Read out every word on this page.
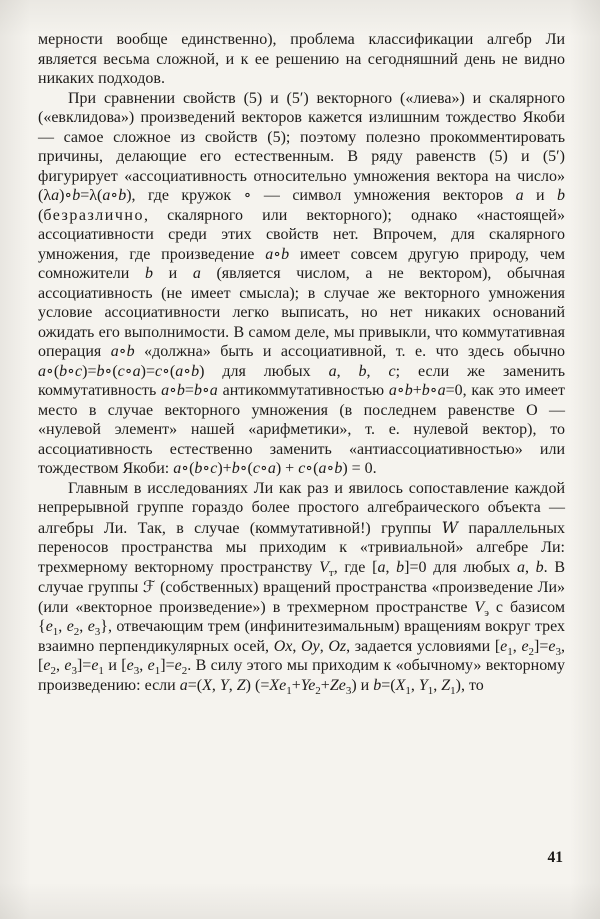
мерности вообще единственно), проблема классификации алгебр Ли является весьма сложной, и к ее решению на сегодняшний день не видно никаких подходов.

При сравнении свойств (5) и (5′) векторного («лиева») и скалярного («евклидова») произведений векторов кажется излишним тождество Якоби — самое сложное из свойств (5); поэтому полезно прокомментировать причины, делающие его естественным. В ряду равенств (5) и (5′) фигурирует «ассоциативность относительно умножения вектора на число» (λa)∘b=λ(a∘b), где кружок ∘ — символ умножения векторов a и b (безразлично, скалярного или векторного); однако «настоящей» ассоциативности среди этих свойств нет. Впрочем, для скалярного умножения, где произведение a∘b имеет совсем другую природу, чем сомножители b и a (является числом, а не вектором), обычная ассоциативность (не имеет смысла); в случае же векторного умножения условие ассоциативности легко выписать, но нет никаких оснований ожидать его выполнимости. В самом деле, мы привыкли, что коммутативная операция a∘b «должна» быть и ассоциативной, т. е. что здесь обычно a∘(b∘c)=b∘(c∘a)=c∘(a∘b) для любых a, b, c; если же заменить коммутативность a∘b=b∘a антикоммутативностью a∘b+b∘a=0, как это имеет место в случае векторного умножения (в последнем равенстве О — «нулевой элемент» нашей «арифметики», т. е. нулевой вектор), то ассоциативность естественно заменить «антиассоциативностью» или тождеством Якоби: a∘(b∘c)+b∘(c∘a) + c∘(a∘b) = 0.

Главным в исследованиях Ли как раз и явилось сопоставление каждой непрерывной группе гораздо более простого алгебраического объекта — алгебры Ли. Так, в случае (коммутативной!) группы W параллельных переносов пространства мы приходим к «тривиальной» алгебре Ли: трехмерному векторному пространству $V_т$, где [a, b]=0 для любых a, b. В случае группы ℱ (собственных) вращений пространства «произведение Ли» (или «векторное произведение») в трехмерном пространстве $V_э$ с базисом {$e_1$, $e_2$, $e_3$}, отвечающим трем (инфинитезимальным) вращениям вокруг трех взаимно перпендикулярных осей, Ox, Oy, Oz, задается условиями [$e_1$, $e_2]=e_3$, [$e_2$, $e_3]=e_1$ и [$e_3$, $e_1]=e_2$. В силу этого мы приходим к «обычному» векторному произведению: если a=(X, Y, Z) $(=Xe_1+Ye_2+Ze_3)$ и $b=(X_1$, $Y_1$, $Z_1$), то

41
